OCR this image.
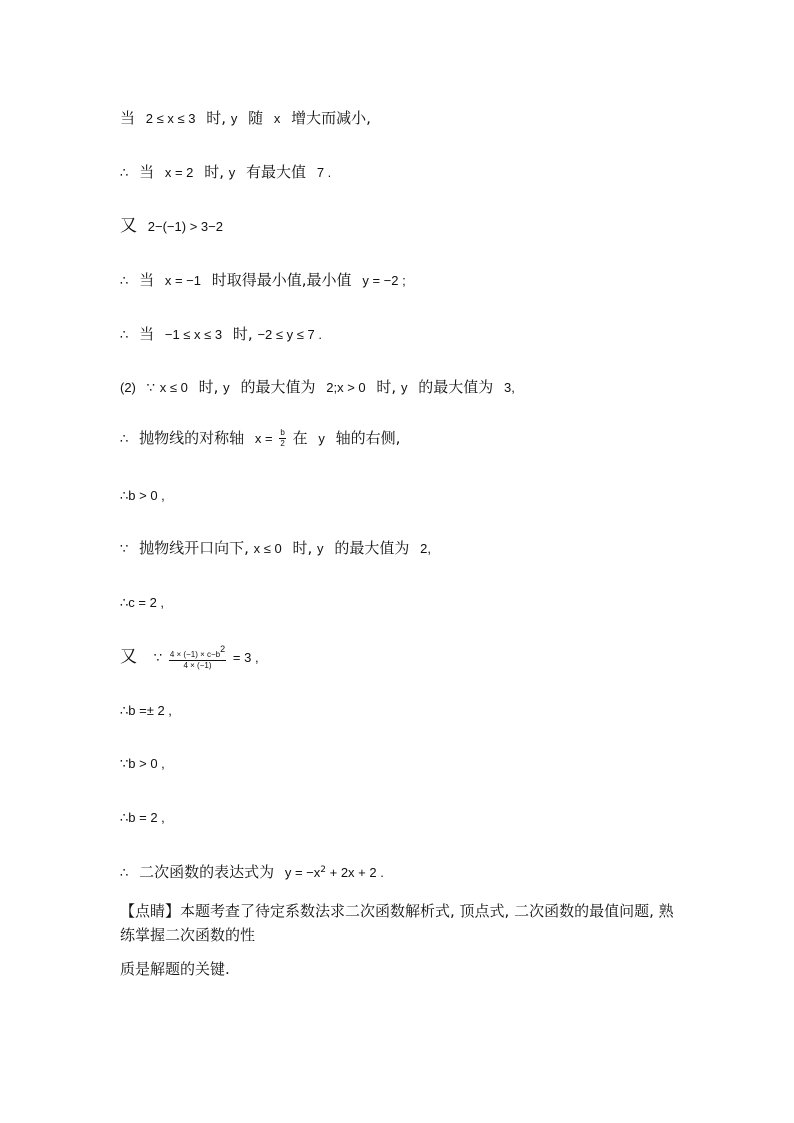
当 2 ≤ x ≤ 3 时, y 随 x 增大而减小,
∴ 当 x = 2 时, y 有最大值 7 .
又 2−(−1) > 3−2
∴ 当 x = −1 时取得最小值,最小值 y = −2 ;
∴ 当 −1 ≤ x ≤ 3 时, −2 ≤ y ≤ 7 .
(2) ∵ x ≤ 0 时, y 的最大值为 2;x > 0 时, y 的最大值为 3,
∴ 抛物线的对称轴 $x = \frac{b}{2}$ 在 y 轴的右侧,
∴b > 0 ,
∵ 抛物线开口向下, x ≤ 0 时, y 的最大值为 2,
∴c = 2 ,
又 ∵ $\frac{4 \times (-1) \times c-b^2}{4 \times (-1)} = 3$ ,
∴b =± 2 ,
∵b > 0 ,
∴b = 2 ,
∴ 二次函数的表达式为 $y = -x^2 + 2x + 2$ .
【点睛】本题考查了待定系数法求二次函数解析式, 顶点式, 二次函数的最值问题, 熟练掌握二次函数的性
质是解题的关键.
